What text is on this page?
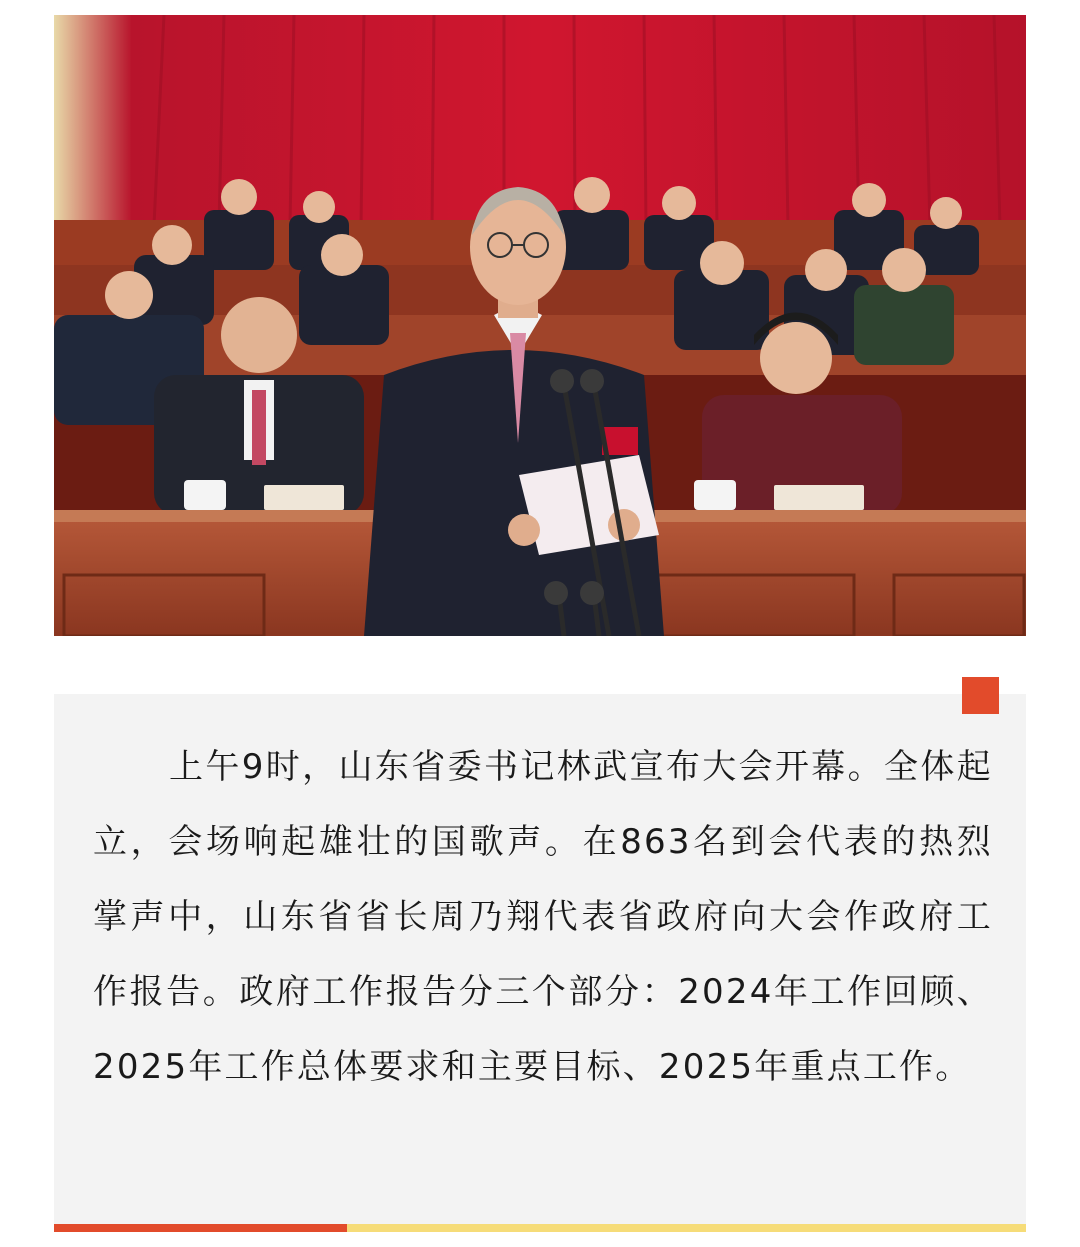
上午9时，山东省委书记林武宣布大会开幕。全体起立，会场响起雄壮的国歌声。在863名到会代表的热烈掌声中，山东省省长周乃翔代表省政府向大会作政府工作报告。政府工作报告分三个部分：2024年工作回顾、2025年工作总体要求和主要目标、2025年重点工作。
